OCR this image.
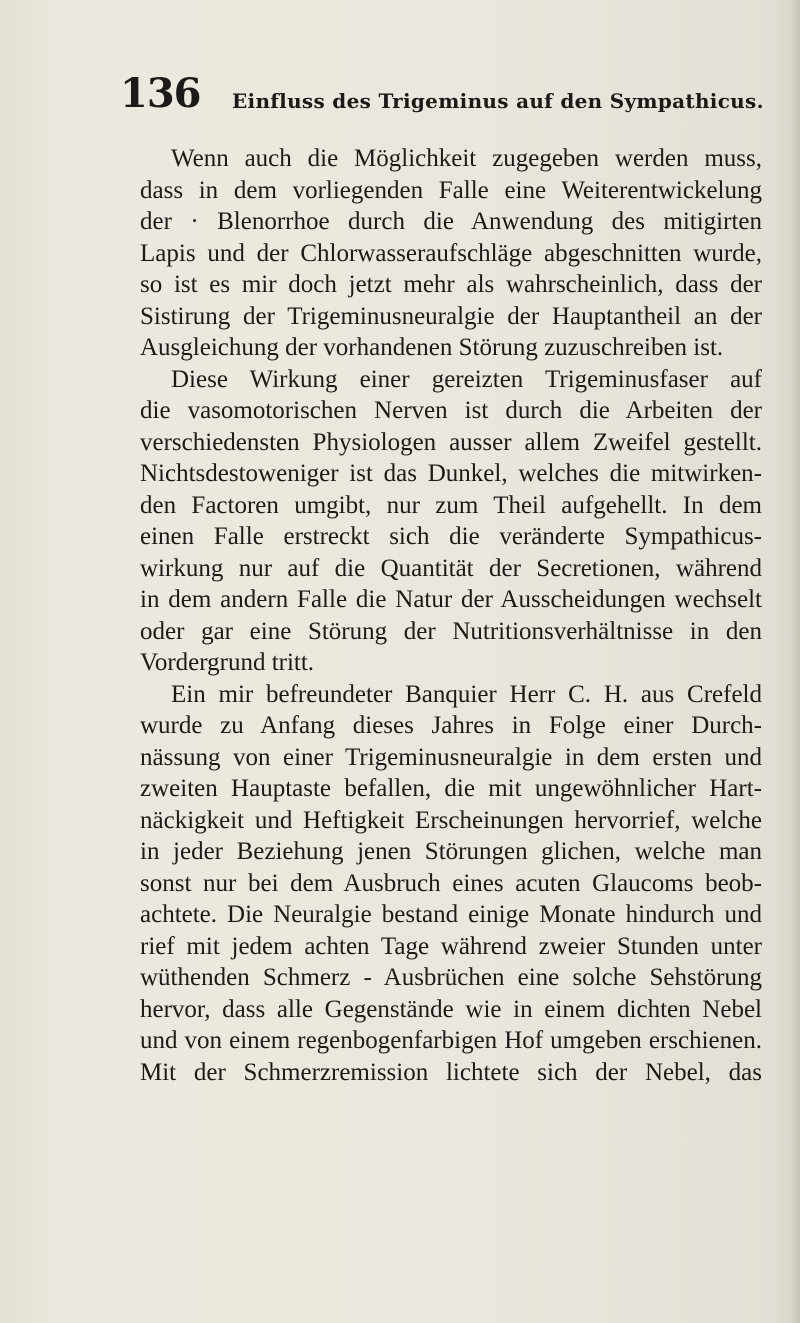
136 Einfluss des Trigeminus auf den Sympathicus.

Wenn auch die Möglichkeit zugegeben werden muss,
dass in dem vorliegenden Falle eine Weiterentwickelung
der · Blenorrhoe durch die Anwendung des mitigirten
Lapis und der Chlorwasseraufschläge abgeschnitten wurde,
so ist es mir doch jetzt mehr als wahrscheinlich, dass der
Sistirung der Trigeminusneuralgie der Hauptantheil an der
Ausgleichung der vorhandenen Störung zuzuschreiben ist.

Diese Wirkung einer gereizten Trigeminusfaser auf
die vasomotorischen Nerven ist durch die Arbeiten der
verschiedensten Physiologen ausser allem Zweifel gestellt.
Nichtsdestoweniger ist das Dunkel, welches die mitwirken-
den Factoren umgibt, nur zum Theil aufgehellt. In dem
einen Falle erstreckt sich die veränderte Sympathicus-
wirkung nur auf die Quantität der Secretionen, während
in dem andern Falle die Natur der Ausscheidungen wechselt
oder gar eine Störung der Nutritionsverhältnisse in den
Vordergrund tritt.

Ein mir befreundeter Banquier Herr C. H. aus Crefeld
wurde zu Anfang dieses Jahres in Folge einer Durch-
nässung von einer Trigeminusneuralgie in dem ersten und
zweiten Hauptaste befallen, die mit ungewöhnlicher Hart-
näckigkeit und Heftigkeit Erscheinungen hervorrief, welche
in jeder Beziehung jenen Störungen glichen, welche man
sonst nur bei dem Ausbruch eines acuten Glaucoms beob-
achtete. Die Neuralgie bestand einige Monate hindurch und
rief mit jedem achten Tage während zweier Stunden unter
wüthenden Schmerz - Ausbrüchen eine solche Sehstörung
hervor, dass alle Gegenstände wie in einem dichten Nebel
und von einem regenbogenfarbigen Hof umgeben erschienen.
Mit der Schmerzremission lichtete sich der Nebel, das
